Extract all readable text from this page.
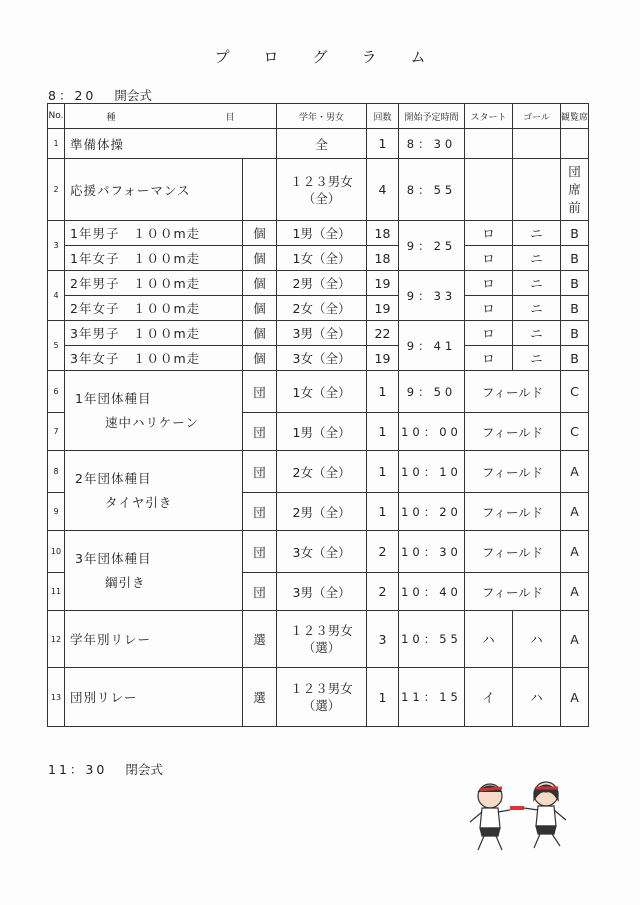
プ ロ グ ラ ム
8：20 開会式
No.	種 目		学年・男女	回数	開始予定時間	スタート	ゴール	観覧席
1	準備体操		全	1	8：30			
2	応援パフォーマンス		１２３男女
（全）	4	8：55			団席前

3	1年男子　１００m走	個	1男（全）	18	9：25	ロ	ニ	B
	1年女子　１００m走	個	1女（全）	18		ロ	ニ	B
4	2年男子　１００m走	個	2男（全）	19	9：33	ロ	ニ	B
	2年女子　１００m走	個	2女（全）	19		ロ	ニ	B
5	3年男子　１００m走	個	3男（全）	22	9：41	ロ	ニ	B
	3年女子　１００m走	個	3女（全）	19		ロ	ニ	B
6	1年団体種目
速中ハリケーン	団	1女（全）	1	9：50	フィールド		C
7		団	1男（全）	1	10：00	フィールド		C
8	2年団体種目
タイヤ引き	団	2女（全）	1	10：10	フィールド		A
9		団	2男（全）	1	10：20	フィールド		A
10	3年団体種目
綱引き	団	3女（全）	2	10：30	フィールド		A
11		団	3男（全）	2	10：40	フィールド		A
12	学年別リレー	選	１２３男女
（選）	3	10：55	ハ	ハ	A
13	団別リレー	選	１２３男女
（選）	1	11：15	イ	ハ	A
11：30 閉会式
